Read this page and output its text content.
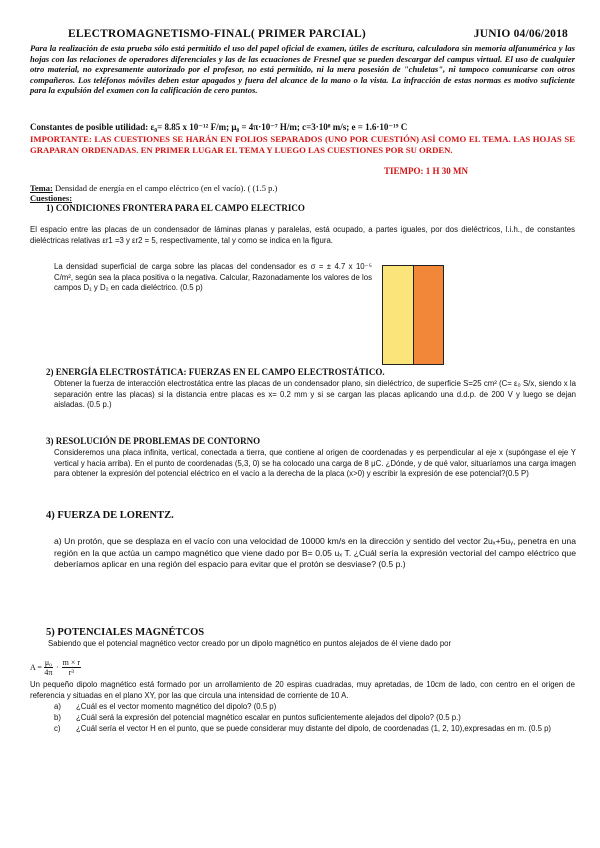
ELECTROMAGNETISMO-FINAL( PRIMER PARCIAL)	JUNIO 04/06/2018
Para la realización de esta prueba sólo está permitido el uso del papel oficial de examen, útiles de escritura, calculadora sin memoria alfanumérica y las hojas con las relaciones de operadores diferenciales y las de las ecuaciones de Fresnel que se pueden descargar del campus virtual. El uso de cualquier otro material, no expresamente autorizado por el profesor, no está permitido, ni la mera posesión de "chuletas", ni tampoco comunicarse con otros compañeros. Los teléfonos móviles deben estar apagados y fuera del alcance de la mano o la vista. La infracción de estas normas es motivo suficiente para la expulsión del examen con la calificación de cero puntos.
Constantes de posible utilidad: ε₀= 8.85 x 10⁻¹² F/m; μ₀ = 4π·10⁻⁷ H/m; c=3·10⁸ m/s; e = 1.6·10⁻¹⁹ C
IMPORTANTE: LAS CUESTIONES SE HARÁN EN FOLIOS SEPARADOS (UNO POR CUESTIÓN) ASÍ COMO EL TEMA. LAS HOJAS SE GRAPARAN ORDENADAS. EN PRIMER LUGAR EL TEMA Y LUEGO LAS CUESTIONES POR SU ORDEN.
TIEMPO: 1 H 30 MN
Tema: Densidad de energía en el campo eléctrico (en el vacío). ( (1.5 p.)
Cuestiones:
1) CONDICIONES FRONTERA PARA EL CAMPO ELECTRICO
El espacio entre las placas de un condensador de láminas planas y paralelas, está ocupado, a partes iguales, por dos dieléctricos, l.i.h., de constantes dieléctricas relativas εr1 =3 y εr2 = 5, respectivamente, tal y como se indica en la figura.
La densidad superficial de carga sobre las placas del condensador es σ = ± 4.7 x 10⁻⁵ C/m², según sea la placa positiva o la negativa. Calcular, Razonadamente los valores de los campos D₁ y D₂ en cada dieléctrico. (0.5 p)
2) ENERGÍA ELECTROSTÁTICA: FUERZAS EN EL CAMPO ELECTROSTÁTICO.
Obtener la fuerza de interacción electrostática entre las placas de un condensador plano, sin dieléctrico, de superficie S=25 cm² (C= ε₀ S/x, siendo x la separación entre las placas) si la distancia entre placas es x= 0.2 mm y si se cargan las placas aplicando una d.d.p. de 200 V y luego se dejan aisladas. (0.5 p.)
3) RESOLUCIÓN DE PROBLEMAS DE CONTORNO
Consideremos una placa infinita, vertical, conectada a tierra, que contiene al origen de coordenadas y es perpendicular al eje x (supóngase el eje Y vertical y hacia arriba). En el punto de coordenadas (5,3, 0) se ha colocado una carga de 8 μC. ¿Dónde, y de qué valor, situaríamos una carga imagen para obtener la expresión del potencial eléctrico en el vacío a la derecha de la placa (x>0) y escribir la expresión de ese potencial?(0.5 P)
4) FUERZA DE LORENTZ.
a) Un protón, que se desplaza en el vacío con una velocidad de 10000 km/s en la dirección y sentido del vector 2uₓ+5uᵧ, penetra en una región en la que actúa un campo magnético que viene dado por B= 0.05 uₓ T. ¿Cuál sería la expresión vectorial del campo eléctrico que deberíamos aplicar en una región del espacio para evitar que el protón se desviase? (0.5 p.)
5) POTENCIALES MAGNÉTCOS
Sabiendo que el potencial magnético vector creado por un dipolo magnético en puntos alejados de él viene dado por
$A = \frac{\text{μ₀}}{4\pi}$ ·
m × r
r³
Un pequeño dipolo magnético está formado por un arrollamiento de 20 espiras cuadradas, muy apretadas, de 10cm de lado, con centro en el origen de referencia y situadas en el plano XY, por las que circula una intensidad de corriente de 10 A.
a) ¿Cuál es el vector momento magnético del dipolo? (0.5 p)
b) ¿Cuál será la expresión del potencial magnético escalar en puntos suficientemente alejados del dipolo? (0.5 p.)
c) ¿Cuál sería el vector H en el punto, que se puede considerar muy distante del dipolo, de coordenadas (1, 2, 10),expresadas en m. (0.5 p)
